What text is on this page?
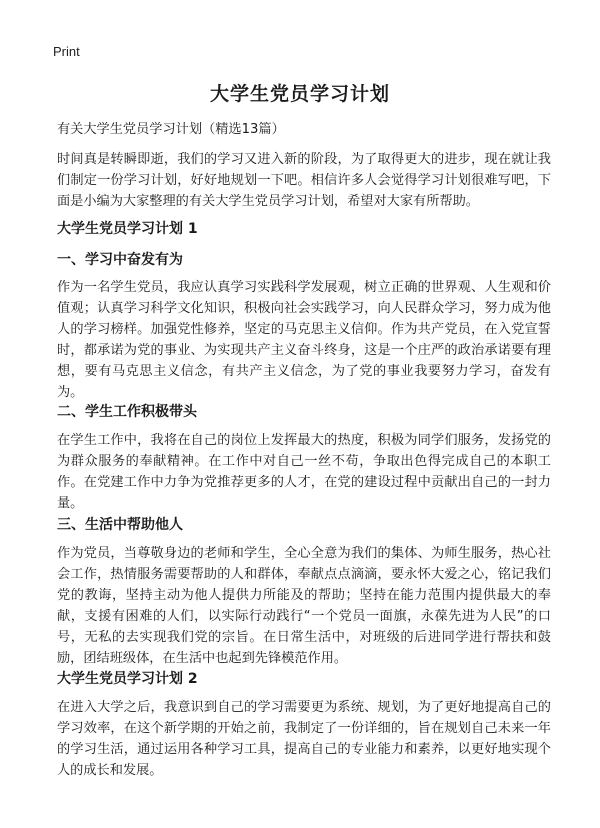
Print
大学生党员学习计划

有关大学生党员学习计划（精选13篇）

时间真是转瞬即逝，我们的学习又进入新的阶段，为了取得更大的进步，现在就让我们制定一份学习计划，好好地规划一下吧。相信许多人会觉得学习计划很难写吧，下面是小编为大家整理的有关大学生党员学习计划，希望对大家有所帮助。

大学生党员学习计划 1
一、学习中奋发有为

作为一名学生党员，我应认真学习实践科学发展观，树立正确的世界观、人生观和价值观；认真学习科学文化知识，积极向社会实践学习，向人民群众学习，努力成为他人的学习榜样。加强党性修养，坚定的马克思主义信仰。作为共产党员，在入党宣誓时，都承诺为党的事业、为实现共产主义奋斗终身，这是一个庄严的政治承诺要有理想，要有马克思主义信念，有共产主义信念，为了党的事业我要努力学习，奋发有为。

二、学生工作积极带头

在学生工作中，我将在自己的岗位上发挥最大的热度，积极为同学们服务，发扬党的为群众服务的奉献精神。在工作中对自己一丝不苟，争取出色得完成自己的本职工作。在党建工作中力争为党推荐更多的人才，在党的建设过程中贡献出自己的一封力量。

三、生活中帮助他人

作为党员，当尊敬身边的老师和学生，全心全意为我们的集体、为师生服务，热心社会工作，热情服务需要帮助的人和群体，奉献点点滴滴，要永怀大爱之心，铭记我们党的教诲，坚持主动为他人提供力所能及的帮助；坚持在能力范围内提供最大的奉献，支援有困难的人们，以实际行动践行“一个党员一面旗，永葆先进为人民”的口号，无私的去实现我们党的宗旨。在日常生活中，对班级的后进同学进行帮扶和鼓励，团结班级体，在生活中也起到先锋模范作用。

大学生党员学习计划 2

在进入大学之后，我意识到自己的学习需要更为系统、规划，为了更好地提高自己的学习效率，在这个新学期的开始之前，我制定了一份详细的，旨在规划自己未来一年的学习生活，通过运用各种学习工具，提高自己的专业能力和素养，以更好地实现个人的成长和发展。
